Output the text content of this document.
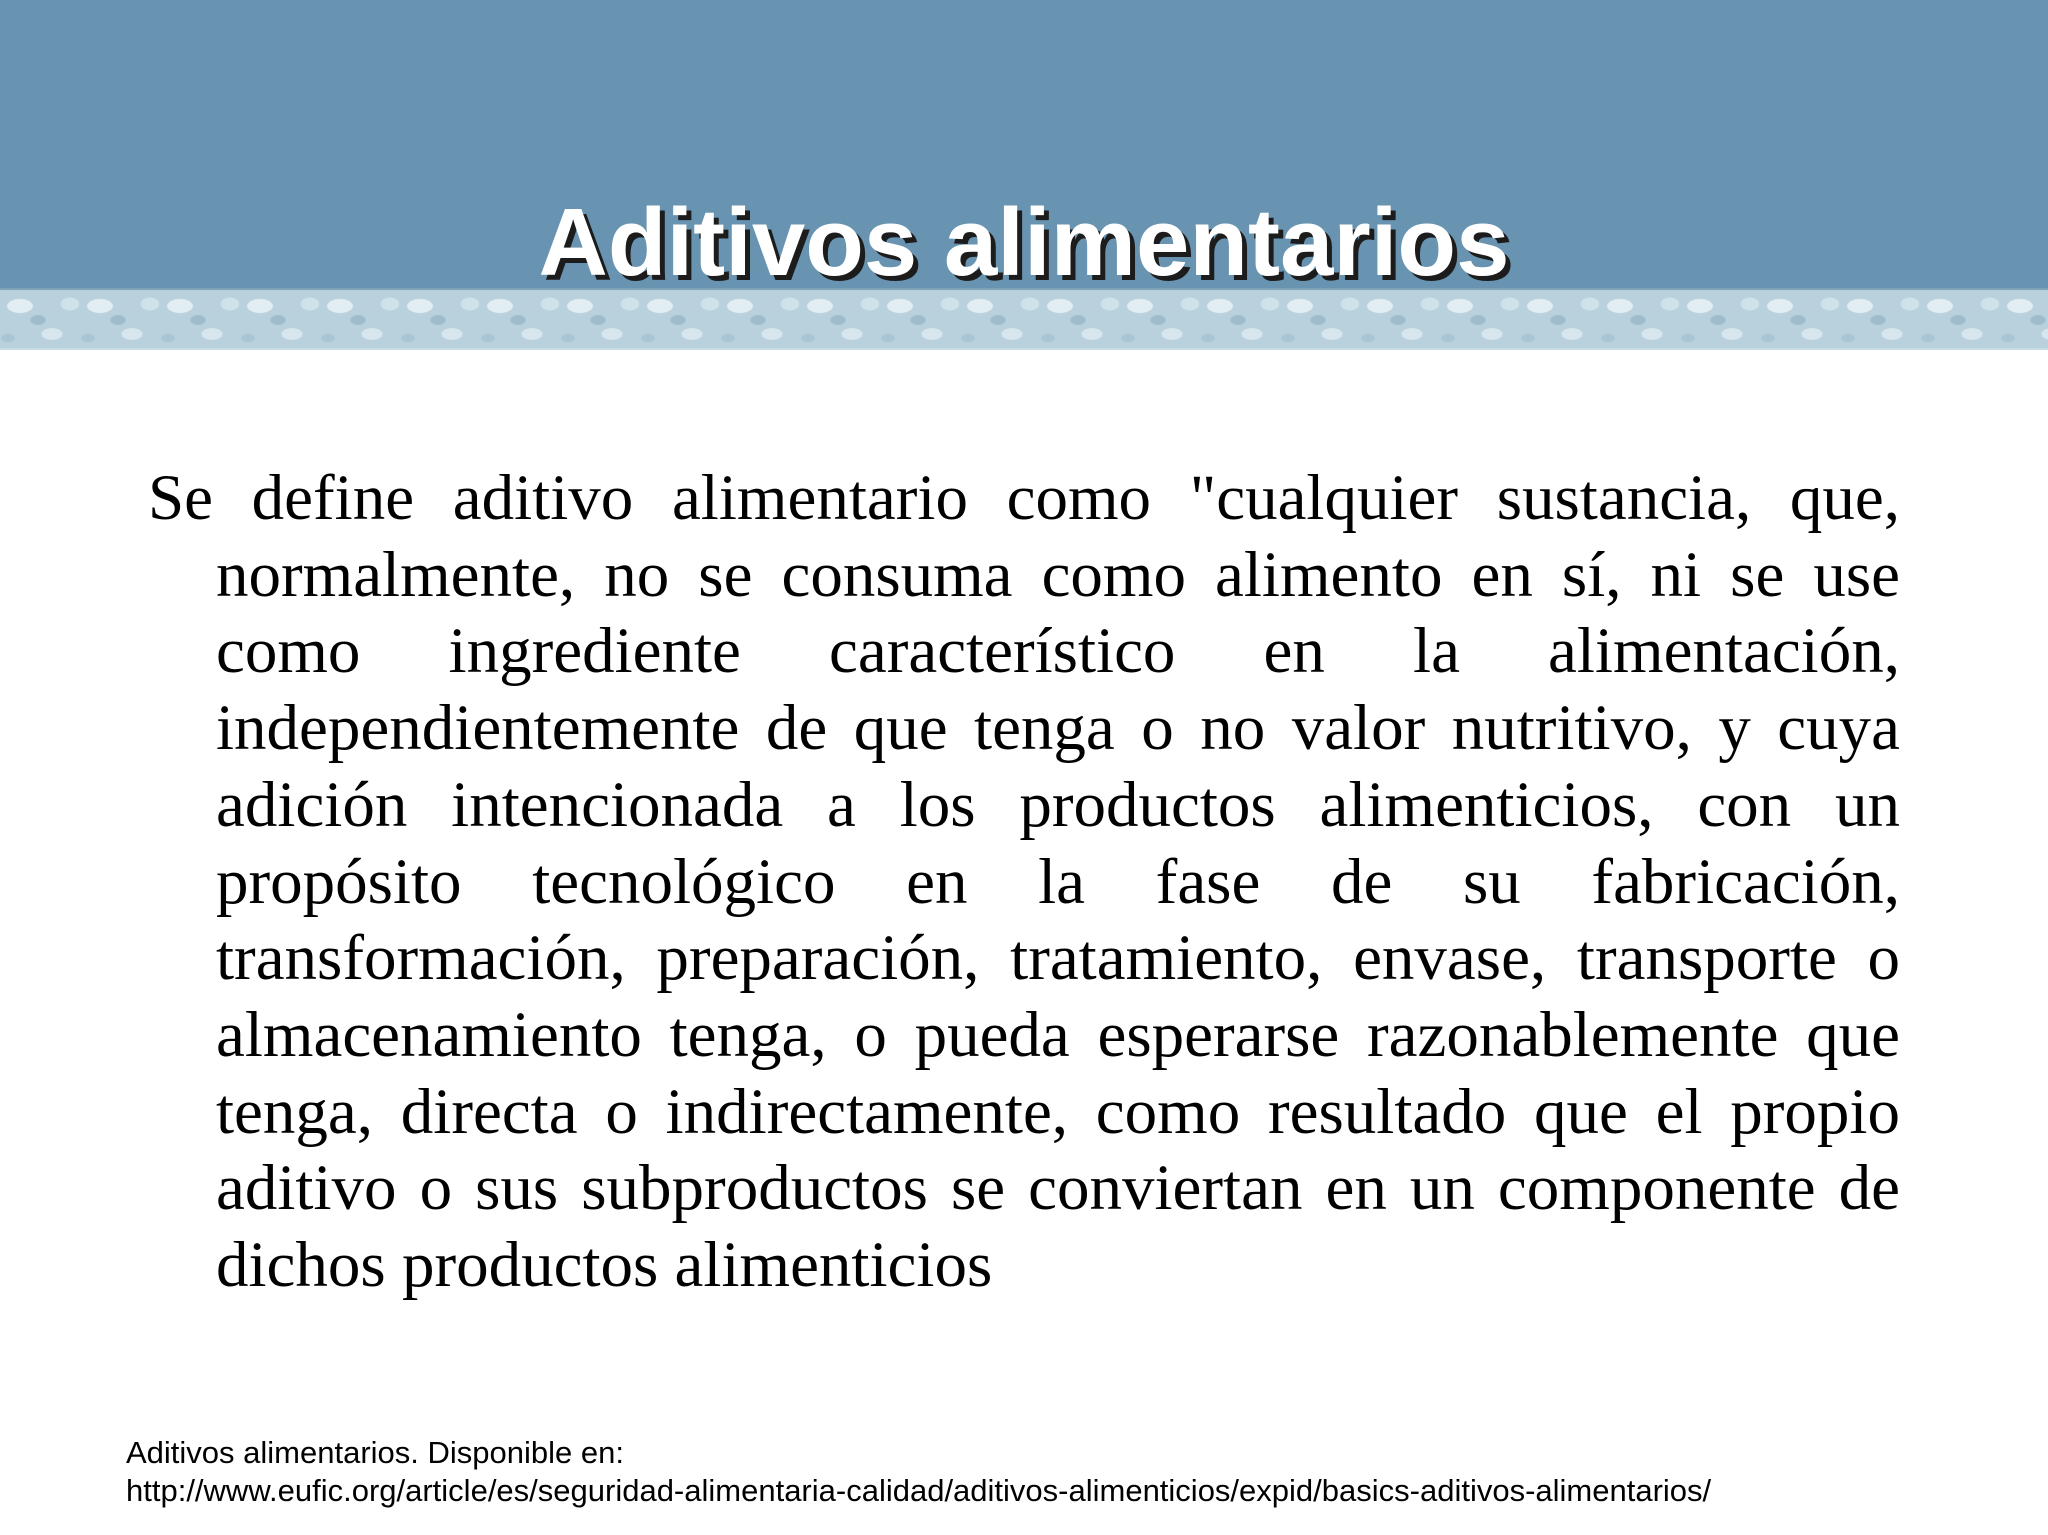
Aditivos alimentarios

Se define aditivo alimentario como "cualquier sustancia, que, normalmente, no se consuma como alimento en sí, ni se use como ingrediente característico en la alimentación, independientemente de que tenga o no valor nutritivo, y cuya adición intencionada a los productos alimenticios, con un propósito tecnológico en la fase de su fabricación, transformación, preparación, tratamiento, envase, transporte o almacenamiento tenga, o pueda esperarse razonablemente que tenga, directa o indirectamente, como resultado que el propio aditivo o sus subproductos se conviertan en un componente de dichos productos alimenticios

Aditivos alimentarios. Disponible en:
http://www.eufic.org/article/es/seguridad-alimentaria-calidad/aditivos-alimenticios/expid/basics-aditivos-alimentarios/
